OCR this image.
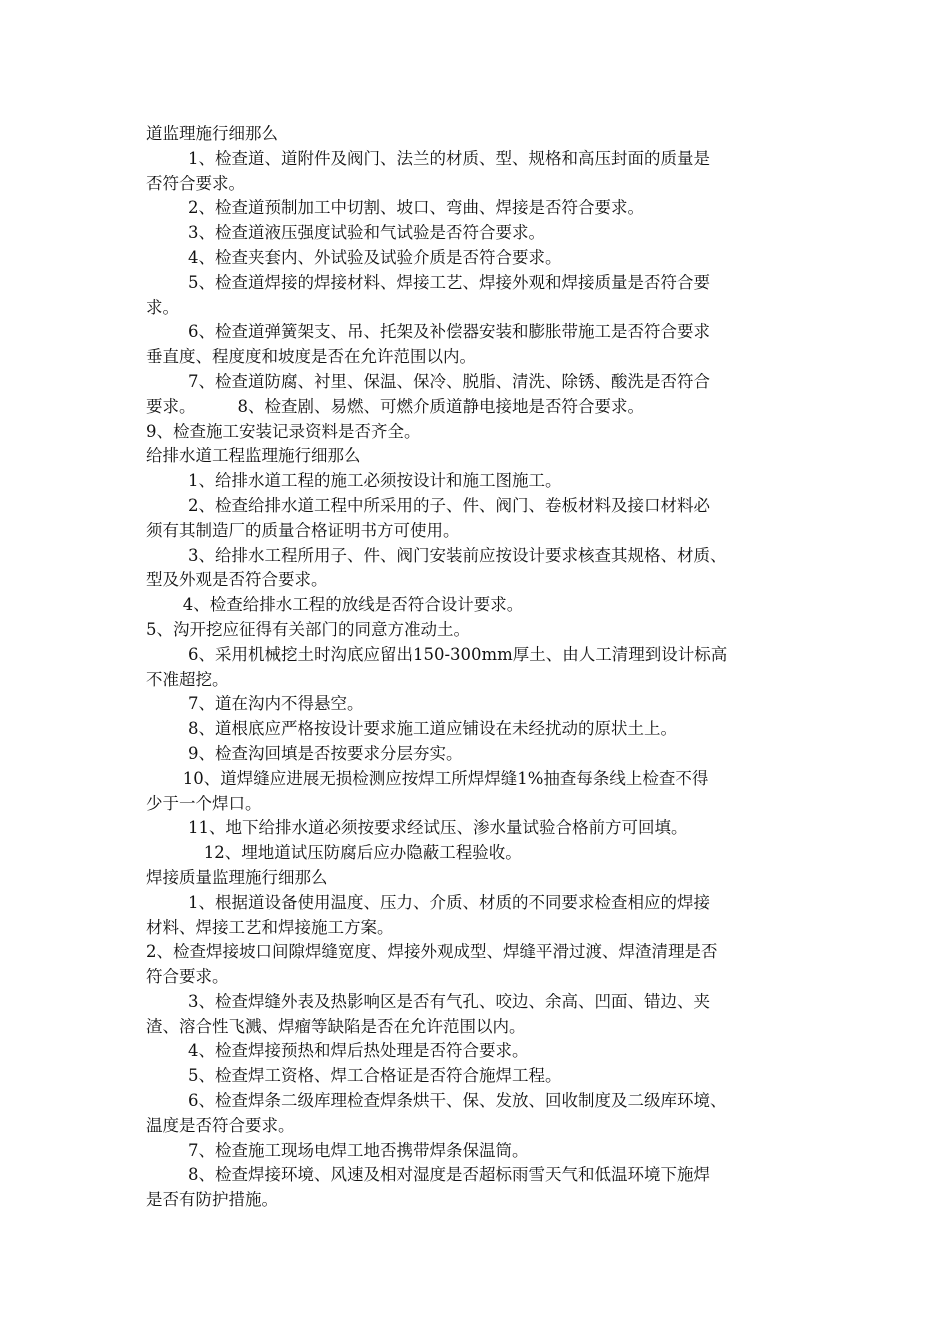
道监理施行细那么
1、检查道、道附件及阀门、法兰的材质、型、规格和高压封面的质量是
否符合要求。
2、检查道预制加工中切割、坡口、弯曲、焊接是否符合要求。
3、检查道液压强度试验和气试验是否符合要求。
4、检查夹套内、外试验及试验介质是否符合要求。
5、检查道焊接的焊接材料、焊接工艺、焊接外观和焊接质量是否符合要
求。
6、检查道弹簧架支、吊、托架及补偿器安装和膨胀带施工是否符合要求
垂直度、程度度和坡度是否在允许范围以内。
7、检查道防腐、衬里、保温、保冷、脱脂、清洗、除锈、酸洗是否符合
要求。        8、检查剧、易燃、可燃介质道静电接地是否符合要求。
9、检查施工安装记录资料是否齐全。
给排水道工程监理施行细那么
1、给排水道工程的施工必须按设计和施工图施工。
2、检查给排水道工程中所采用的子、件、阀门、卷板材料及接口材料必
须有其制造厂的质量合格证明书方可使用。
3、给排水工程所用子、件、阀门安装前应按设计要求核查其规格、材质、
型及外观是否符合要求。
4、检查给排水工程的放线是否符合设计要求。
5、沟开挖应征得有关部门的同意方准动土。
6、采用机械挖土时沟底应留出150-300mm厚土、由人工清理到设计标高
不准超挖。
7、道在沟内不得悬空。
8、道根底应严格按设计要求施工道应铺设在未经扰动的原状土上。
9、检查沟回填是否按要求分层夯实。
10、道焊缝应进展无损检测应按焊工所焊焊缝1%抽查每条线上检查不得
少于一个焊口。
11、地下给排水道必须按要求经试压、渗水量试验合格前方可回填。
12、埋地道试压防腐后应办隐蔽工程验收。
焊接质量监理施行细那么
1、根据道设备使用温度、压力、介质、材质的不同要求检查相应的焊接
材料、焊接工艺和焊接施工方案。
2、检查焊接坡口间隙焊缝宽度、焊接外观成型、焊缝平滑过渡、焊渣清理是否
符合要求。
3、检查焊缝外表及热影响区是否有气孔、咬边、余高、凹面、错边、夹
渣、溶合性飞溅、焊瘤等缺陷是否在允许范围以内。
4、检查焊接预热和焊后热处理是否符合要求。
5、检查焊工资格、焊工合格证是否符合施焊工程。
6、检查焊条二级库理检查焊条烘干、保、发放、回收制度及二级库环境、
温度是否符合要求。
7、检查施工现场电焊工地否携带焊条保温筒。
8、检查焊接环境、风速及相对湿度是否超标雨雪天气和低温环境下施焊
是否有防护措施。
